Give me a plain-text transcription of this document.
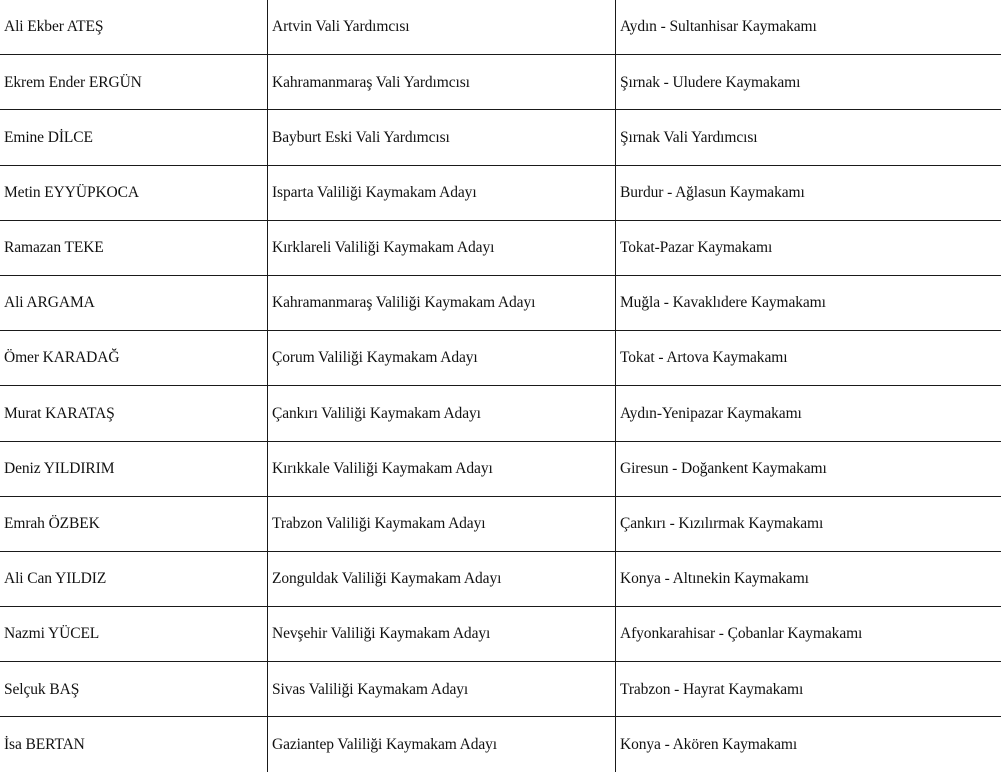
Ali Ekber ATEŞ	Artvin Vali Yardımcısı	Aydın - Sultanhisar Kaymakamı
Ekrem Ender ERGÜN	Kahramanmaraş Vali Yardımcısı	Şırnak - Uludere Kaymakamı
Emine DİLCE	Bayburt Eski Vali Yardımcısı	Şırnak Vali Yardımcısı
Metin EYYÜPKOCA	Isparta Valiliği Kaymakam Adayı	Burdur - Ağlasun Kaymakamı
Ramazan TEKE	Kırklareli Valiliği Kaymakam Adayı	Tokat-Pazar Kaymakamı
Ali ARGAMA	Kahramanmaraş Valiliği Kaymakam Adayı	Muğla - Kavaklıdere Kaymakamı
Ömer KARADAĞ	Çorum Valiliği Kaymakam Adayı	Tokat - Artova Kaymakamı
Murat KARATAŞ	Çankırı Valiliği Kaymakam Adayı	Aydın-Yenipazar Kaymakamı
Deniz YILDIRIM	Kırıkkale Valiliği Kaymakam Adayı	Giresun - Doğankent Kaymakamı
Emrah ÖZBEK	Trabzon Valiliği Kaymakam Adayı	Çankırı - Kızılırmak Kaymakamı
Ali Can YILDIZ	Zonguldak Valiliği Kaymakam Adayı	Konya - Altınekin Kaymakamı
Nazmi YÜCEL	Nevşehir Valiliği Kaymakam Adayı	Afyonkarahisar - Çobanlar Kaymakamı
Selçuk BAŞ	Sivas Valiliği Kaymakam Adayı	Trabzon - Hayrat Kaymakamı
İsa BERTAN	Gaziantep Valiliği Kaymakam Adayı	Konya - Akören Kaymakamı
